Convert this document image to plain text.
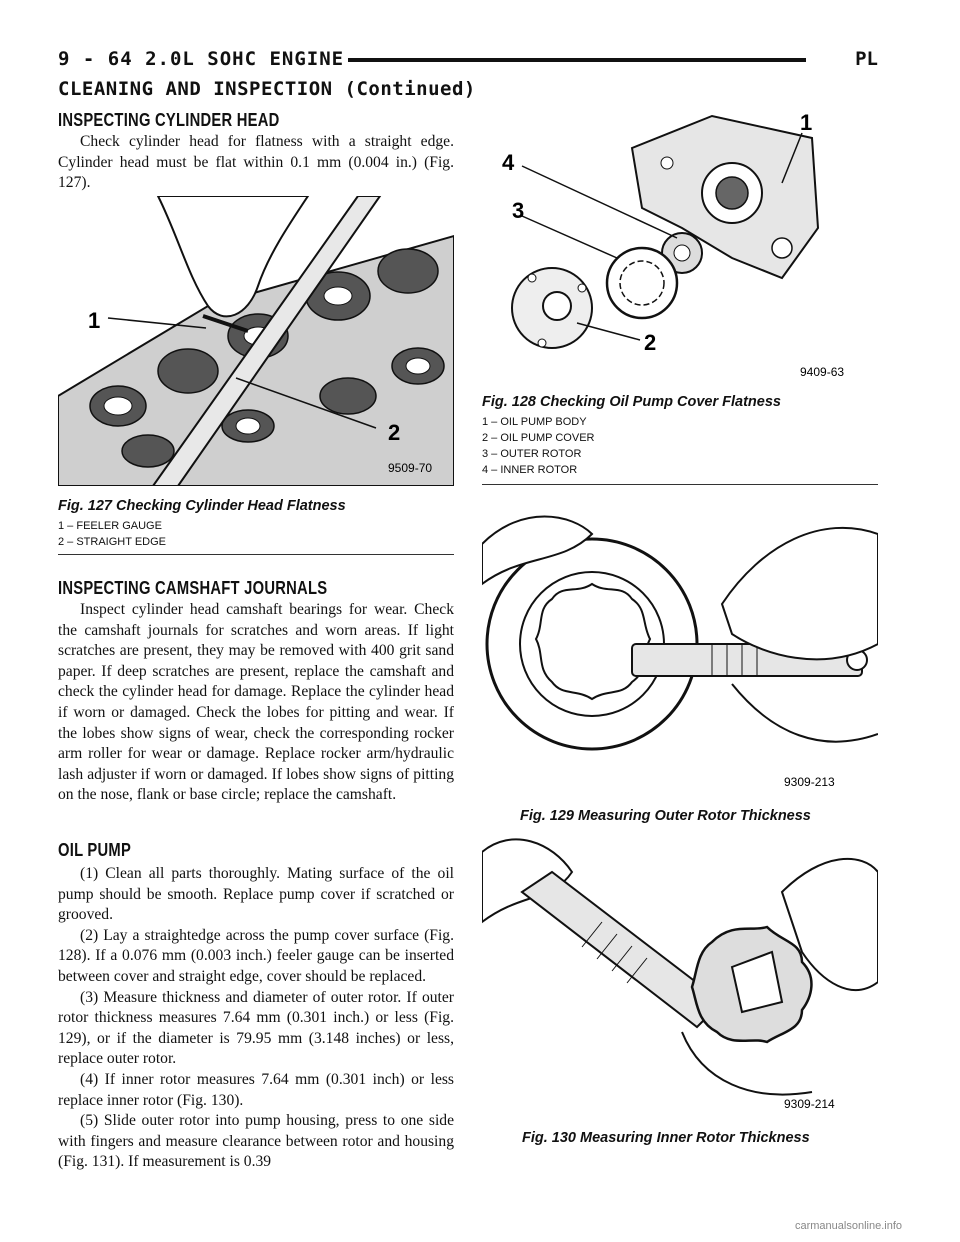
9 - 64 2.0L SOHC ENGINE	PL
CLEANING AND INSPECTION (Continued)
INSPECTING CYLINDER HEAD
Check cylinder head for flatness with a straight edge. Cylinder head must be flat within 0.1 mm (0.004 in.) (Fig. 127).
1
2
9509-70
Fig. 127 Checking Cylinder Head Flatness
1 – FEELER GAUGE
2 – STRAIGHT EDGE
INSPECTING CAMSHAFT JOURNALS
Inspect cylinder head camshaft bearings for wear. Check the camshaft journals for scratches and worn areas. If light scratches are present, they may be removed with 400 grit sand paper. If deep scratches are present, replace the camshaft and check the cylinder head for damage. Replace the cylinder head if worn or damaged. Check the lobes for pitting and wear. If the lobes show signs of wear, check the corresponding rocker arm roller for wear or damage. Replace rocker arm/hydraulic lash adjuster if worn or damaged. If lobes show signs of pitting on the nose, flank or base circle; replace the camshaft.
OIL PUMP
(1) Clean all parts thoroughly. Mating surface of the oil pump should be smooth. Replace pump cover if scratched or grooved.
(2) Lay a straightedge across the pump cover surface (Fig. 128). If a 0.076 mm (0.003 inch.) feeler gauge can be inserted between cover and straight edge, cover should be replaced.
(3) Measure thickness and diameter of outer rotor. If outer rotor thickness measures 7.64 mm (0.301 inch.) or less (Fig. 129), or if the diameter is 79.95 mm (3.148 inches) or less, replace outer rotor.
(4) If inner rotor measures 7.64 mm (0.301 inch) or less replace inner rotor (Fig. 130).
(5) Slide outer rotor into pump housing, press to one side with fingers and measure clearance between rotor and housing (Fig. 131). If measurement is 0.39
1
2
3
4
9409-63
Fig. 128 Checking Oil Pump Cover Flatness
1 – OIL PUMP BODY
2 – OIL PUMP COVER
3 – OUTER ROTOR
4 – INNER ROTOR
9309-213
Fig. 129 Measuring Outer Rotor Thickness
9309-214
Fig. 130 Measuring Inner Rotor Thickness
carmanualsonline.info
